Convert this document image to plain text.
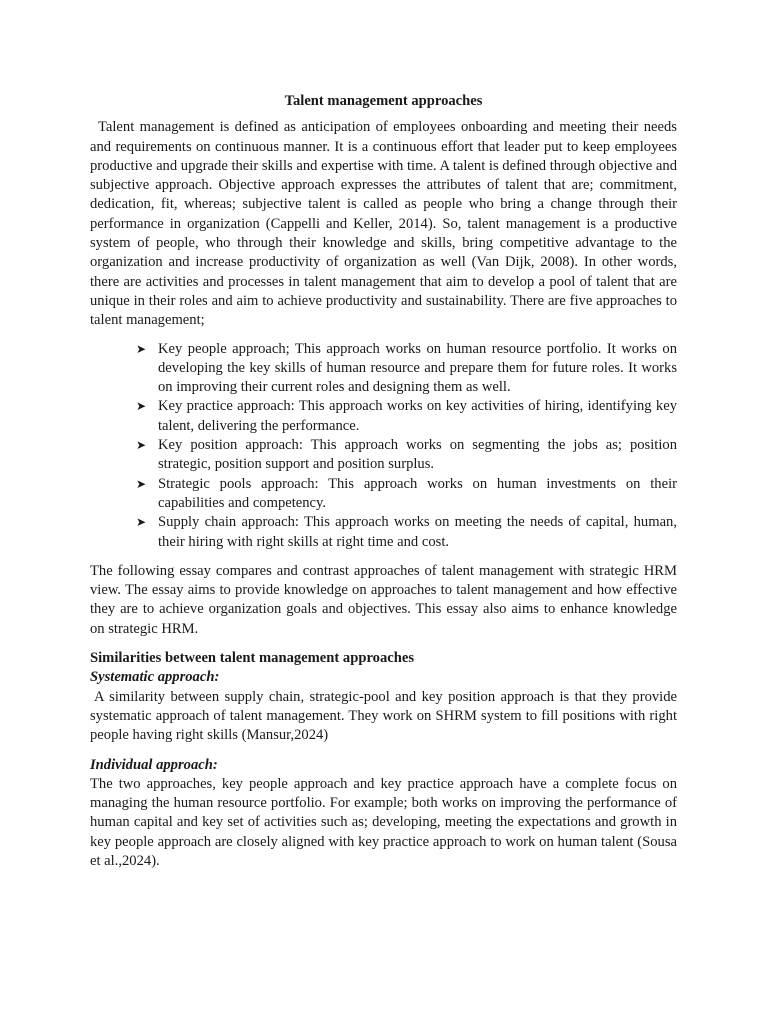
Talent management approaches

Talent management is defined as anticipation of employees onboarding and meeting their needs and requirements on continuous manner. It is a continuous effort that leader put to keep employees productive and upgrade their skills and expertise with time. A talent is defined through objective and subjective approach. Objective approach expresses the attributes of talent that are; commitment, dedication, fit, whereas; subjective talent is called as people who bring a change through their performance in organization (Cappelli and Keller, 2014). So, talent management is a productive system of people, who through their knowledge and skills, bring competitive advantage to the organization and increase productivity of organization as well (Van Dijk, 2008). In other words, there are activities and processes in talent management that aim to develop a pool of talent that are unique in their roles and aim to achieve productivity and sustainability. There are five approaches to talent management;

➤ Key people approach; This approach works on human resource portfolio. It works on developing the key skills of human resource and prepare them for future roles. It works on improving their current roles and designing them as well.
➤ Key practice approach: This approach works on key activities of hiring, identifying key talent, delivering the performance.
➤ Key position approach: This approach works on segmenting the jobs as; position strategic, position support and position surplus.
➤ Strategic pools approach: This approach works on human investments on their capabilities and competency.
➤ Supply chain approach: This approach works on meeting the needs of capital, human, their hiring with right skills at right time and cost.

The following essay compares and contrast approaches of talent management with strategic HRM view. The essay aims to provide knowledge on approaches to talent management and how effective they are to achieve organization goals and objectives. This essay also aims to enhance knowledge on strategic HRM.

Similarities between talent management approaches
Systematic approach:

A similarity between supply chain, strategic-pool and key position approach is that they provide systematic approach of talent management. They work on SHRM system to fill positions with right people having right skills (Mansur,2024)

Individual approach:

The two approaches, key people approach and key practice approach have a complete focus on managing the human resource portfolio. For example; both works on improving the performance of human capital and key set of activities such as; developing, meeting the expectations and growth in key people approach are closely aligned with key practice approach to work on human talent (Sousa et al.,2024).
